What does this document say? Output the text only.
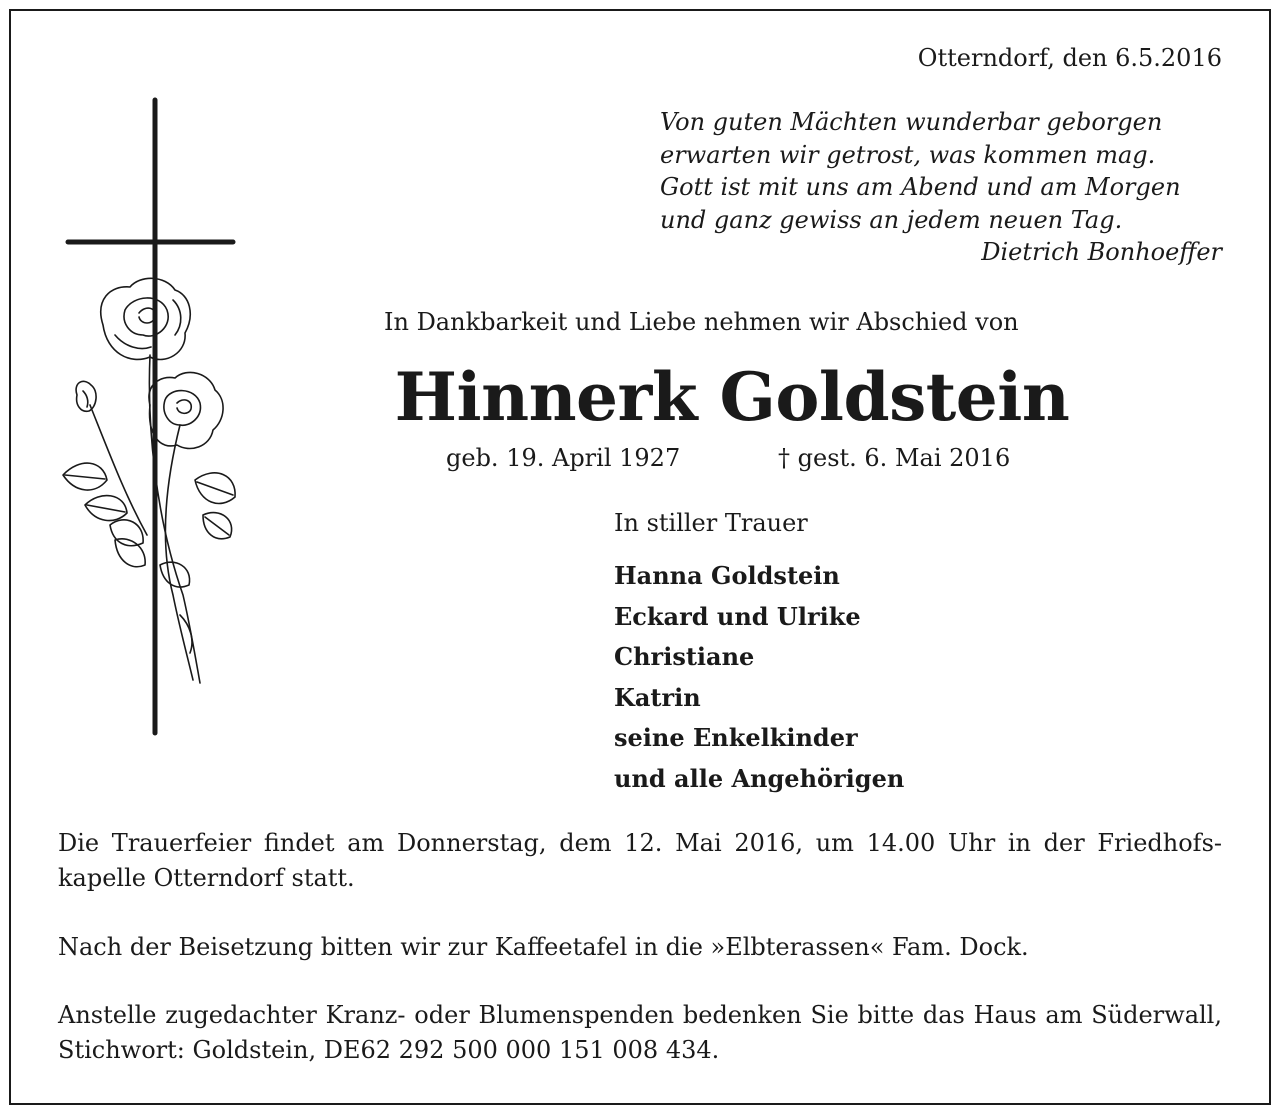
Otterndorf, den 6.5.2016
Von guten Mächten wunderbar geborgen
erwarten wir getrost, was kommen mag.
Gott ist mit uns am Abend und am Morgen
und ganz gewiss an jedem neuen Tag.
Dietrich Bonhoeffer
In Dankbarkeit und Liebe nehmen wir Abschied von
Hinnerk Goldstein
geb. 19. April 1927	† gest. 6. Mai 2016
In stiller Trauer
Hanna Goldstein
Eckard und Ulrike
Christiane
Katrin
seine Enkelkinder
und alle Angehörigen
Die Trauerfeier findet am Donnerstag, dem 12. Mai 2016, um 14.00 Uhr in der Friedhofs-kapelle Otterndorf statt.
Nach der Beisetzung bitten wir zur Kaffeetafel in die »Elbterassen« Fam. Dock.
Anstelle zugedachter Kranz- oder Blumenspenden bedenken Sie bitte das Haus am Süderwall, Stichwort: Goldstein, DE62 292 500 000 151 008 434.
